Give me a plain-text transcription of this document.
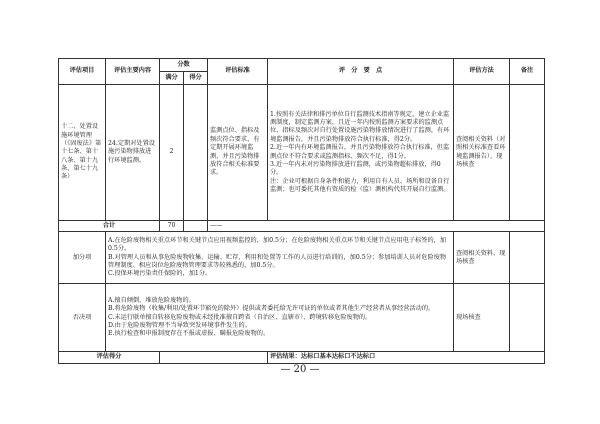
评估项目	评估主要内容	分数		评估标准	评　分　要　点	评估方法	备注
		满分	得分				
十二、处置设施环境管理（《固废法》第十七条、第十八条、第十九条、第七十九条）	24.定期对处置设施污染物排放进行环境监测。	2		监测点位、指标及频次符合要求，有定期开展环境监测，并且污染物排放符合相关标准要求。	1.按照有关法律和排污单位自行监测技术指南等规定，建立企业监测制度，制定监测方案，且近一年内按照监测方案要求的监测点位、指标及频次对自行处置设施污染物排放情况进行了监测，有环境监测报告，并且污染物排放符合执行标准，得2分。
2.近一年内有环境监测报告，并且污染物排放符合执行标准，但监测点位不符合要求或监测指标、频次不足，得1分。
3.近一年内未对污染物排放进行监测，或污染物超标排放，得0分。
注：企业可根据自身条件和能力，利用自有人员、场所和设备自行监测；也可委托其他有资质的检（监）测机构代其开展自行监测。	查阅相关资料（对照相关标准查看环境监测报告）、现场核查	
合计		70		——			
加分项	A.在危险废物相关重点环节和关键节点应用视频监控的，加0.5分；在危险废物相关重点环节和关键节点应用电子标签的，加0.5分。
B.对管理人员和从事危险废物收集、运输、贮存、利用和处置等工作的人员进行培训的，加0.5分；参加培训人员对危险废物管理制度、相应岗位危险废物管理要求等较熟悉的，加0.5分。
C.投保环境污染责任保险的，加1分。					查阅相关资料、现场核查	
否决项	A.擅自倾倒、堆放危险废物的。
B.将危险废物（收集/利用/处置环节豁免的除外）提供或者委托给无许可证的单位或者其他生产经营者从事经营活动的。
C.未运行联单擅自转移危险废物或未经批准擅自跨省（自治区、直辖市）、跨境转移危险废物的。
D.由于危险废物管理不当导致突发环境事件发生的。
E.执行检查和申报制度存在不报或虚报、瞒报危险废物的。					现场核查	
评估得分					评估结果：达标口基本达标口不达标口		
— 20 —
